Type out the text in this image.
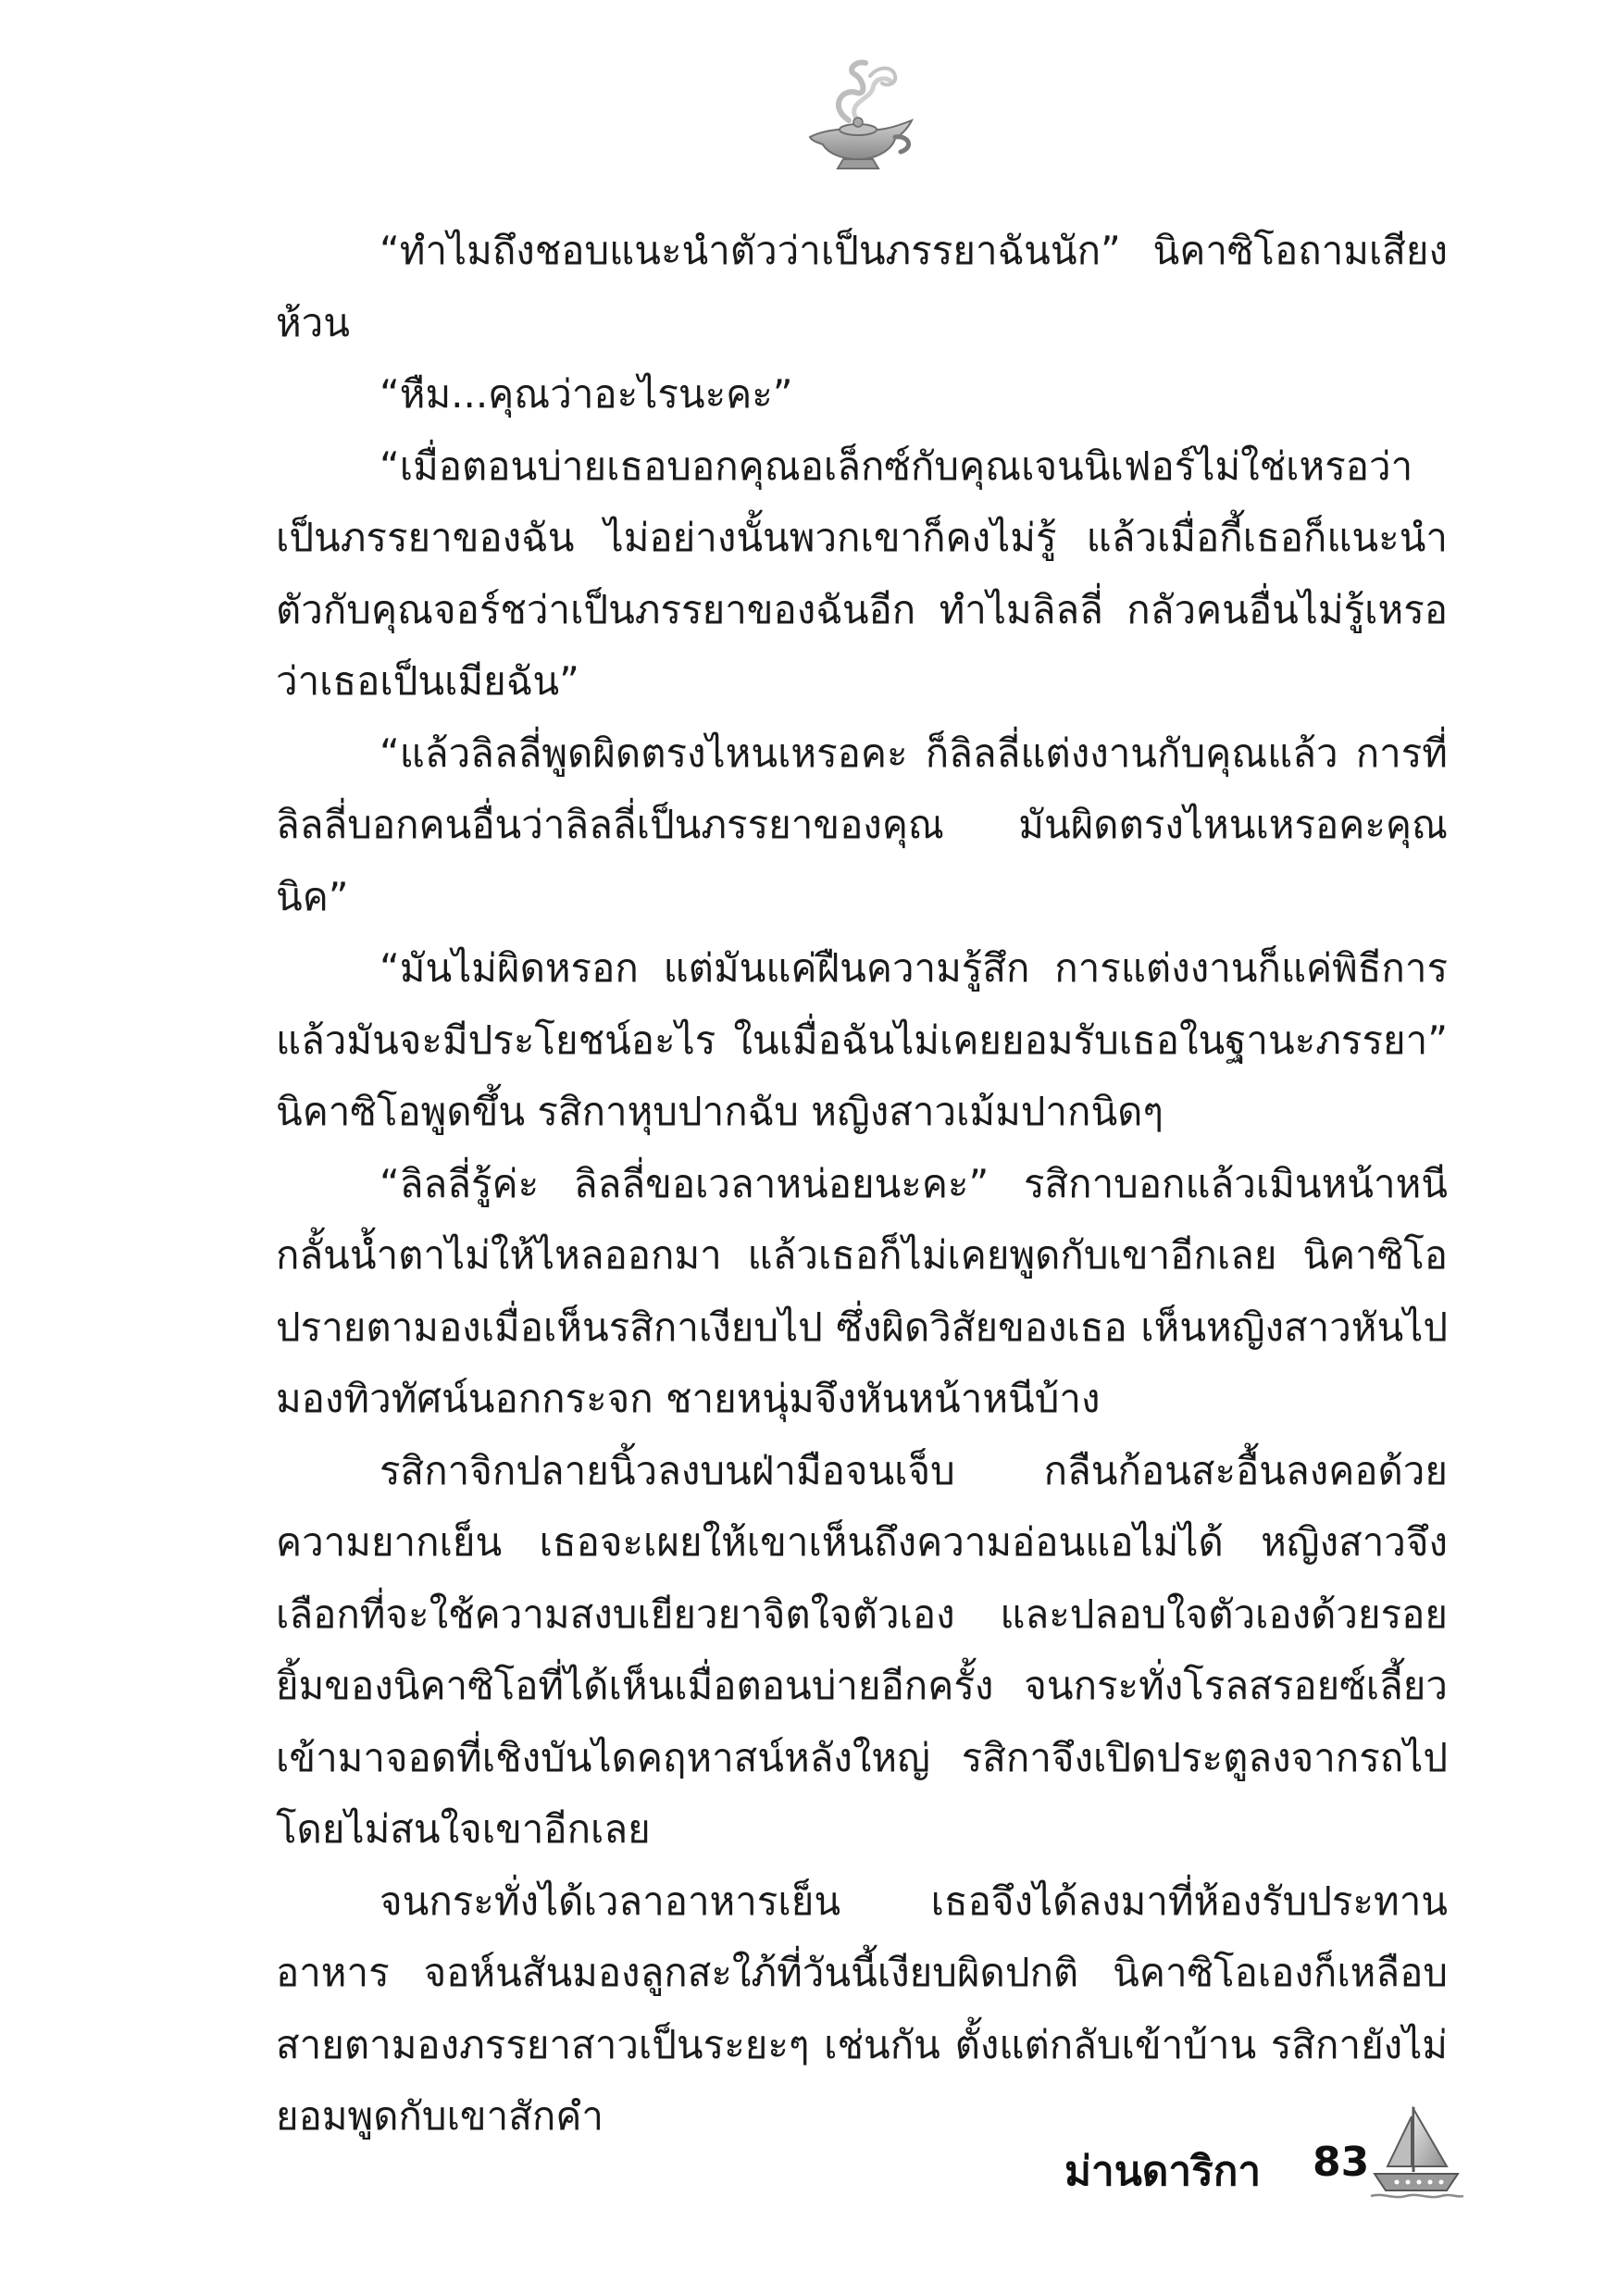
“ทำไมถึงชอบแนะนำตัวว่าเป็นภรรยาฉันนัก” นิคาซิโอถามเสียงห้วน

“หืม...คุณว่าอะไรนะคะ”

“เมื่อตอนบ่ายเธอบอกคุณอเล็กซ์กับคุณเจนนิเฟอร์ไม่ใช่เหรอว่าเป็นภรรยาของฉัน ไม่อย่างนั้นพวกเขาก็คงไม่รู้ แล้วเมื่อกี้เธอก็แนะนำตัวกับคุณจอร์ชว่าเป็นภรรยาของฉันอีก ทำไมลิลลี่ กลัวคนอื่นไม่รู้เหรอว่าเธอเป็นเมียฉัน”

“แล้วลิลลี่พูดผิดตรงไหนเหรอคะ ก็ลิลลี่แต่งงานกับคุณแล้ว การที่ลิลลี่บอกคนอื่นว่าลิลลี่เป็นภรรยาของคุณ มันผิดตรงไหนเหรอคะคุณนิค”

“มันไม่ผิดหรอก แต่มันแค่ฝืนความรู้สึก การแต่งงานก็แค่พิธีการแล้วมันจะมีประโยชน์อะไร ในเมื่อฉันไม่เคยยอมรับเธอในฐานะภรรยา” นิคาซิโอพูดขึ้น รสิกาหุบปากฉับ หญิงสาวเม้มปากนิดๆ

“ลิลลี่รู้ค่ะ ลิลลี่ขอเวลาหน่อยนะคะ” รสิกาบอกแล้วเมินหน้าหนีกลั้นน้ำตาไม่ให้ไหลออกมา แล้วเธอก็ไม่เคยพูดกับเขาอีกเลย นิคาซิโอปรายตามองเมื่อเห็นรสิกาเงียบไป ซึ่งผิดวิสัยของเธอ เห็นหญิงสาวหันไปมองทิวทัศน์นอกกระจก ชายหนุ่มจึงหันหน้าหนีบ้าง

รสิกาจิกปลายนิ้วลงบนฝ่ามือจนเจ็บ กลืนก้อนสะอื้นลงคอด้วยความยากเย็น เธอจะเผยให้เขาเห็นถึงความอ่อนแอไม่ได้ หญิงสาวจึงเลือกที่จะใช้ความสงบเยียวยาจิตใจตัวเอง และปลอบใจตัวเองด้วยรอยยิ้มของนิคาซิโอที่ได้เห็นเมื่อตอนบ่ายอีกครั้ง จนกระทั่งโรลสรอยซ์เลี้ยวเข้ามาจอดที่เชิงบันไดคฤหาสน์หลังใหญ่ รสิกาจึงเปิดประตูลงจากรถไปโดยไม่สนใจเขาอีกเลย

จนกระทั่งได้เวลาอาหารเย็น เธอจึงได้ลงมาที่ห้องรับประทานอาหาร จอห์นสันมองลูกสะใภ้ที่วันนี้เงียบผิดปกติ นิคาซิโอเองก็เหลือบสายตามองภรรยาสาวเป็นระยะๆ เช่นกัน ตั้งแต่กลับเข้าบ้าน รสิกายังไม่ยอมพูดกับเขาสักคำ

ม่านดาริกา 83
